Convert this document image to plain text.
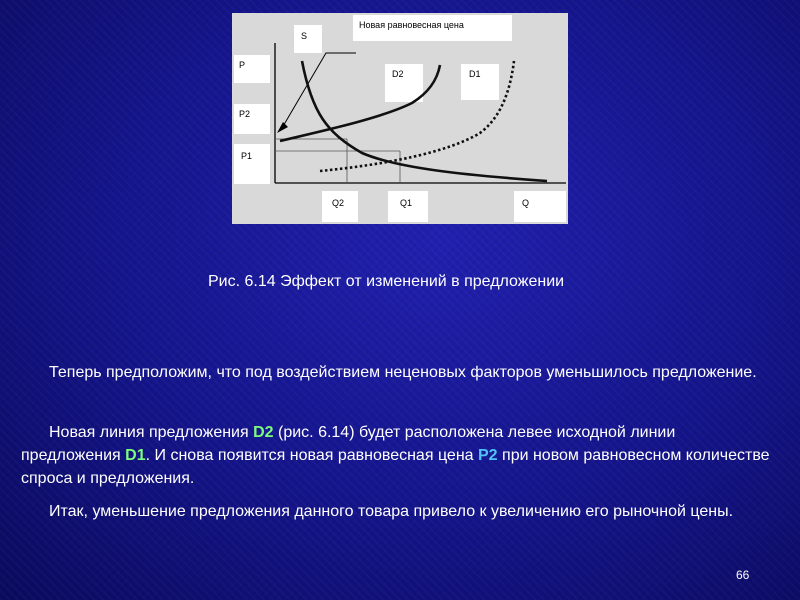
Новая равновесная цена
S
P
P2
P1
D2	D1
Q2	Q1	Q
Рис. 6.14 Эффект от изменений в предложении

Теперь предположим, что под воздействием неценовых факторов уменьшилось предложение.

Новая линия предложения D2 (рис. 6.14) будет расположена левее исходной линии предложения D1. И снова появится новая равновесная цена P2 при новом равновесном количестве спроса и предложения.

Итак, уменьшение предложения данного товара привело к увеличению его рыночной цены.

66
